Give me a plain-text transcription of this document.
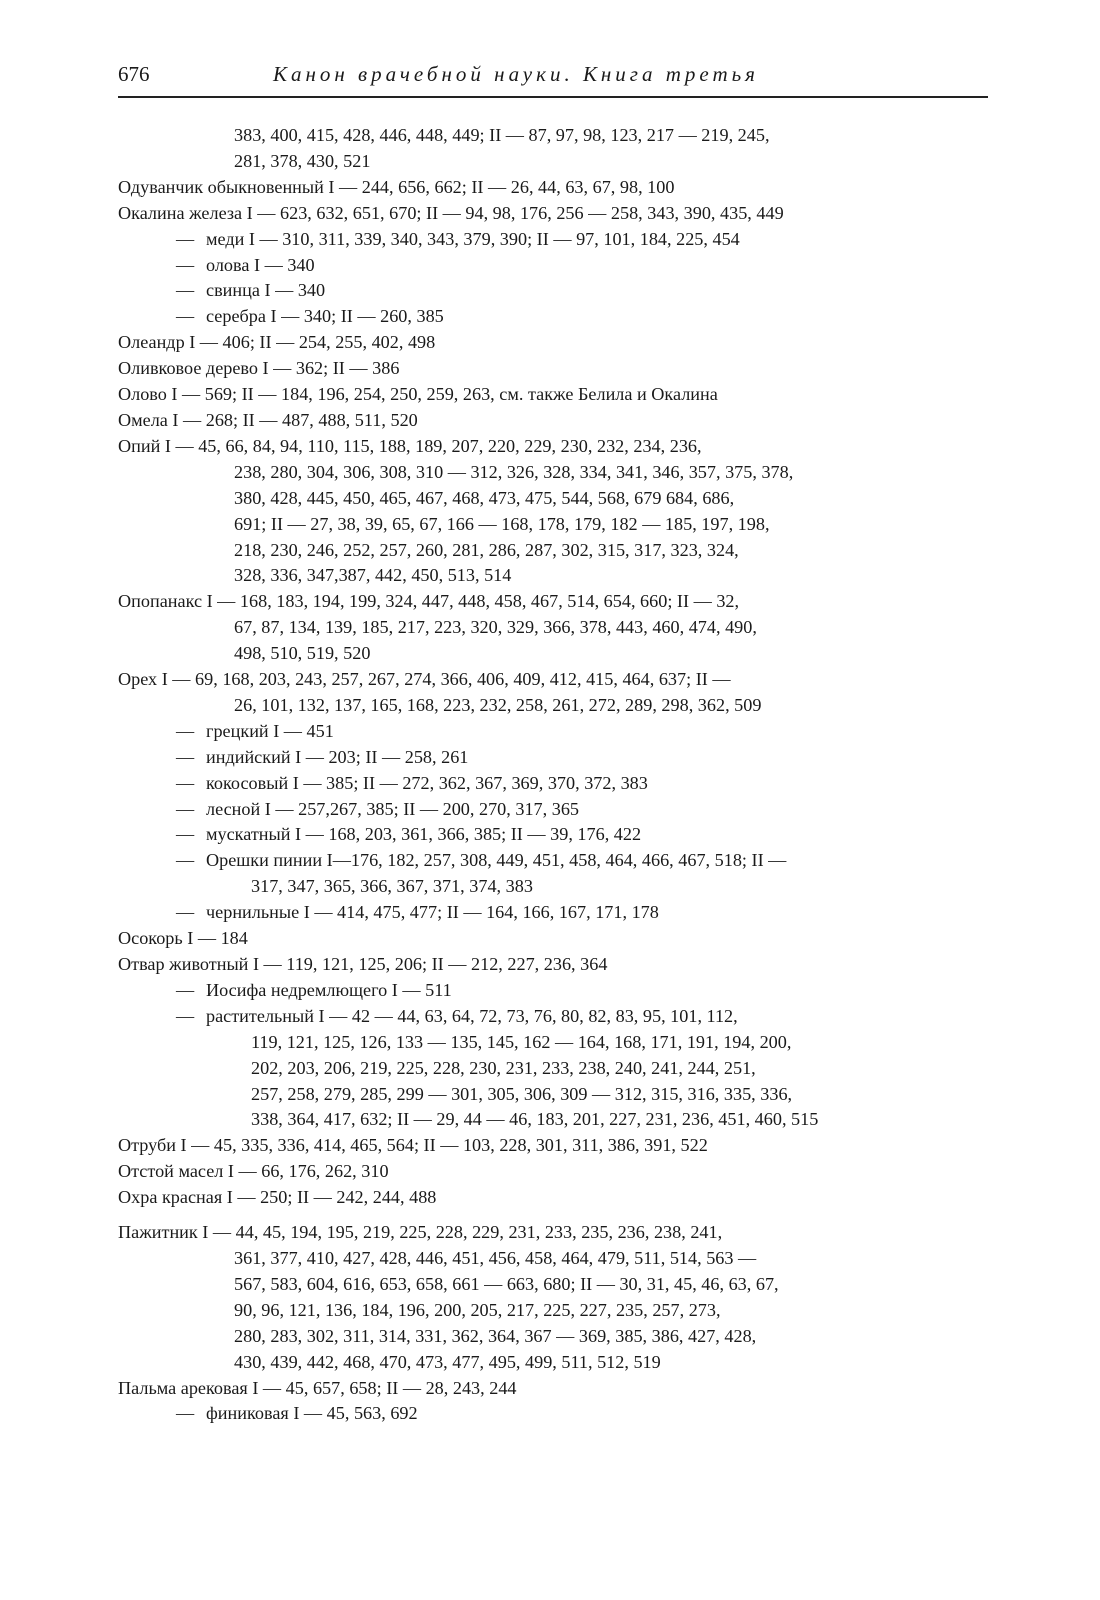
676	Канон врачебной науки. Книга третья
383, 400, 415, 428, 446, 448, 449; II — 87, 97, 98, 123, 217 — 219, 245,
281, 378, 430, 521
Одуванчик обыкновенный I — 244, 656, 662; II — 26, 44, 63, 67, 98, 100
Окалина железа I — 623, 632, 651, 670; II — 94, 98, 176, 256 — 258, 343, 390, 435, 449
— меди I — 310, 311, 339, 340, 343, 379, 390; II — 97, 101, 184, 225, 454
— олова I — 340
— свинца I — 340
— серебра I — 340; II — 260, 385
Олеандр I — 406; II — 254, 255, 402, 498
Оливковое дерево I — 362; II — 386
Олово I — 569; II — 184, 196, 254, 250, 259, 263, см. также Белила и Окалина
Омела I — 268; II — 487, 488, 511, 520
Опий I — 45, 66, 84, 94, 110, 115, 188, 189, 207, 220, 229, 230, 232, 234, 236,
238, 280, 304, 306, 308, 310 — 312, 326, 328, 334, 341, 346, 357, 375, 378,
380, 428, 445, 450, 465, 467, 468, 473, 475, 544, 568, 679 684, 686,
691; II — 27, 38, 39, 65, 67, 166 — 168, 178, 179, 182 — 185, 197, 198,
218, 230, 246, 252, 257, 260, 281, 286, 287, 302, 315, 317, 323, 324,
328, 336, 347,387, 442, 450, 513, 514
Опопанакс I — 168, 183, 194, 199, 324, 447, 448, 458, 467, 514, 654, 660; II — 32,
67, 87, 134, 139, 185, 217, 223, 320, 329, 366, 378, 443, 460, 474, 490,
498, 510, 519, 520
Орех I — 69, 168, 203, 243, 257, 267, 274, 366, 406, 409, 412, 415, 464, 637; II —
26, 101, 132, 137, 165, 168, 223, 232, 258, 261, 272, 289, 298, 362, 509
— грецкий I — 451
— индийский I — 203; II — 258, 261
— кокосовый I — 385; II — 272, 362, 367, 369, 370, 372, 383
— лесной I — 257,267, 385; II — 200, 270, 317, 365
— мускатный I — 168, 203, 361, 366, 385; II — 39, 176, 422
— Орешки пинии I—176, 182, 257, 308, 449, 451, 458, 464, 466, 467, 518; II —
317, 347, 365, 366, 367, 371, 374, 383
— чернильные I — 414, 475, 477; II — 164, 166, 167, 171, 178
Осокорь I — 184
Отвар животный I — 119, 121, 125, 206; II — 212, 227, 236, 364
— Иосифа недремлющего I — 511
— растительный I — 42 — 44, 63, 64, 72, 73, 76, 80, 82, 83, 95, 101, 112,
119, 121, 125, 126, 133 — 135, 145, 162 — 164, 168, 171, 191, 194, 200,
202, 203, 206, 219, 225, 228, 230, 231, 233, 238, 240, 241, 244, 251,
257, 258, 279, 285, 299 — 301, 305, 306, 309 — 312, 315, 316, 335, 336,
338, 364, 417, 632; II — 29, 44 — 46, 183, 201, 227, 231, 236, 451, 460, 515
Отруби I — 45, 335, 336, 414, 465, 564; II — 103, 228, 301, 311, 386, 391, 522
Отстой масел I — 66, 176, 262, 310
Охра красная I — 250; II — 242, 244, 488
Пажитник I — 44, 45, 194, 195, 219, 225, 228, 229, 231, 233, 235, 236, 238, 241,
361, 377, 410, 427, 428, 446, 451, 456, 458, 464, 479, 511, 514, 563 —
567, 583, 604, 616, 653, 658, 661 — 663, 680; II — 30, 31, 45, 46, 63, 67,
90, 96, 121, 136, 184, 196, 200, 205, 217, 225, 227, 235, 257, 273,
280, 283, 302, 311, 314, 331, 362, 364, 367 — 369, 385, 386, 427, 428,
430, 439, 442, 468, 470, 473, 477, 495, 499, 511, 512, 519
Пальма арековая I — 45, 657, 658; II — 28, 243, 244
— финиковая I — 45, 563, 692
